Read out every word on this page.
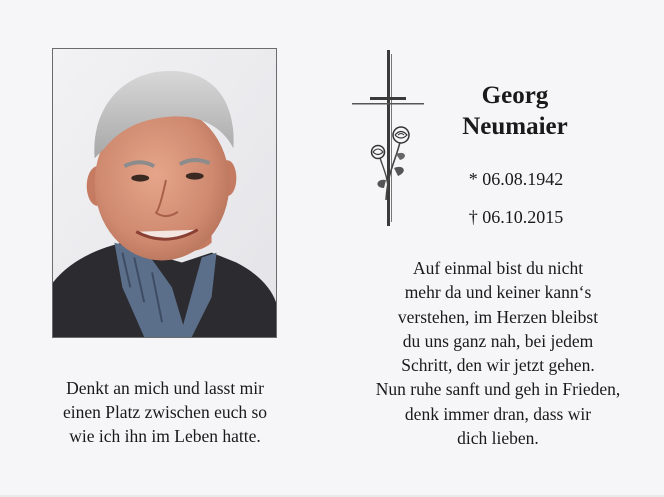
Denkt an mich und lasst mir
einen Platz zwischen euch so
wie ich ihn im Leben hatte.
Georg
Neumaier
* 06.08.1942
† 06.10.2015
Auf einmal bist du nicht
mehr da und keiner kann‘s
verstehen, im Herzen bleibst
du uns ganz nah, bei jedem
Schritt, den wir jetzt gehen.
Nun ruhe sanft und geh in Frieden,
denk immer dran, dass wir
dich lieben.
